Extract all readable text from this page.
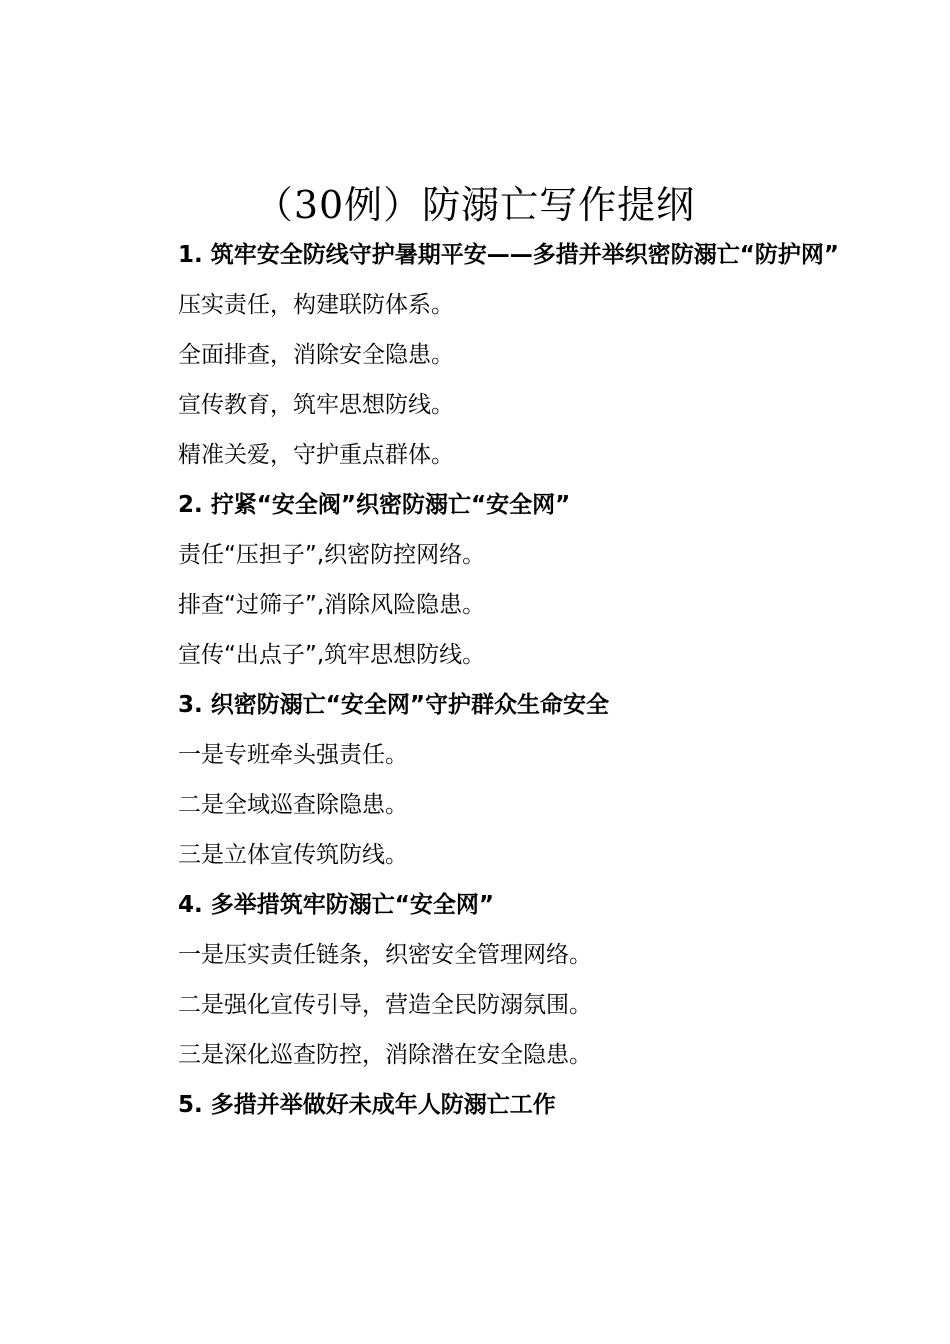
（30例）防溺亡写作提纲
1. 筑牢安全防线守护暑期平安——多措并举织密防溺亡“防护网”
压实责任，构建联防体系。
全面排查，消除安全隐患。
宣传教育，筑牢思想防线。
精准关爱，守护重点群体。
2. 拧紧“安全阀”织密防溺亡“安全网”
责任“压担子”,织密防控网络。
排查“过筛子”,消除风险隐患。
宣传“出点子”,筑牢思想防线。
3. 织密防溺亡“安全网”守护群众生命安全
一是专班牵头强责任。
二是全域巡查除隐患。
三是立体宣传筑防线。
4. 多举措筑牢防溺亡“安全网”
一是压实责任链条，织密安全管理网络。
二是强化宣传引导，营造全民防溺氛围。
三是深化巡查防控，消除潜在安全隐患。
5. 多措并举做好未成年人防溺亡工作
